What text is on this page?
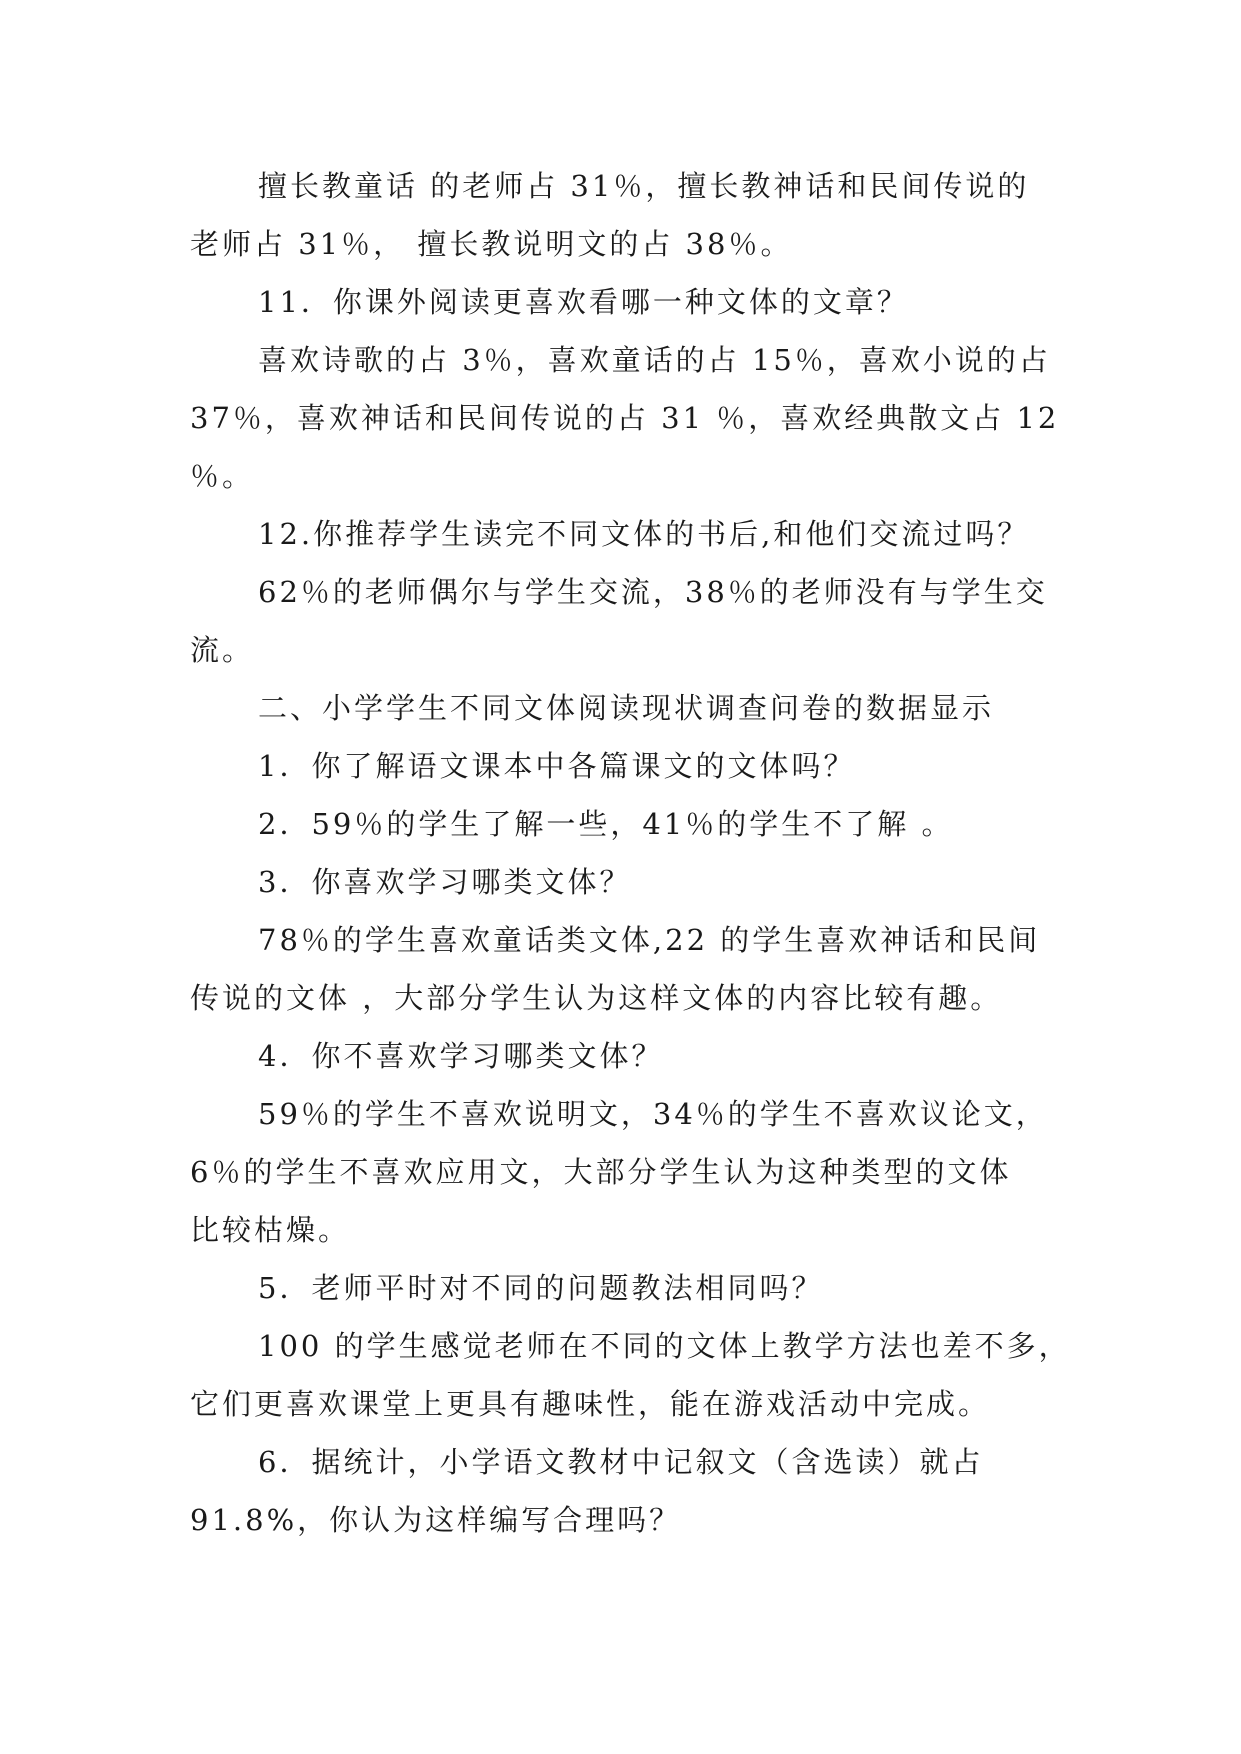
擅长教童话 的老师占 31％，擅长教神话和民间传说的
老师占 31％， 擅长教说明文的占 38％。
11．你课外阅读更喜欢看哪一种文体的文章？
喜欢诗歌的占 3％，喜欢童话的占 15％，喜欢小说的占
37％，喜欢神话和民间传说的占 31 ％，喜欢经典散文占 12
％。
12.你推荐学生读完不同文体的书后,和他们交流过吗？
62％的老师偶尔与学生交流，38％的老师没有与学生交
流。
二、小学学生不同文体阅读现状调查问卷的数据显示
1．你了解语文课本中各篇课文的文体吗？
2．59％的学生了解一些，41％的学生不了解 。
3．你喜欢学习哪类文体？
78％的学生喜欢童话类文体,22 的学生喜欢神话和民间
传说的文体 ，大部分学生认为这样文体的内容比较有趣。
4．你不喜欢学习哪类文体？
59％的学生不喜欢说明文，34％的学生不喜欢议论文，
6％的学生不喜欢应用文，大部分学生认为这种类型的文体
比较枯燥。
5．老师平时对不同的问题教法相同吗？
100 的学生感觉老师在不同的文体上教学方法也差不多，
它们更喜欢课堂上更具有趣味性，能在游戏活动中完成。
6．据统计，小学语文教材中记叙文（含选读）就占
91.8%，你认为这样编写合理吗？
